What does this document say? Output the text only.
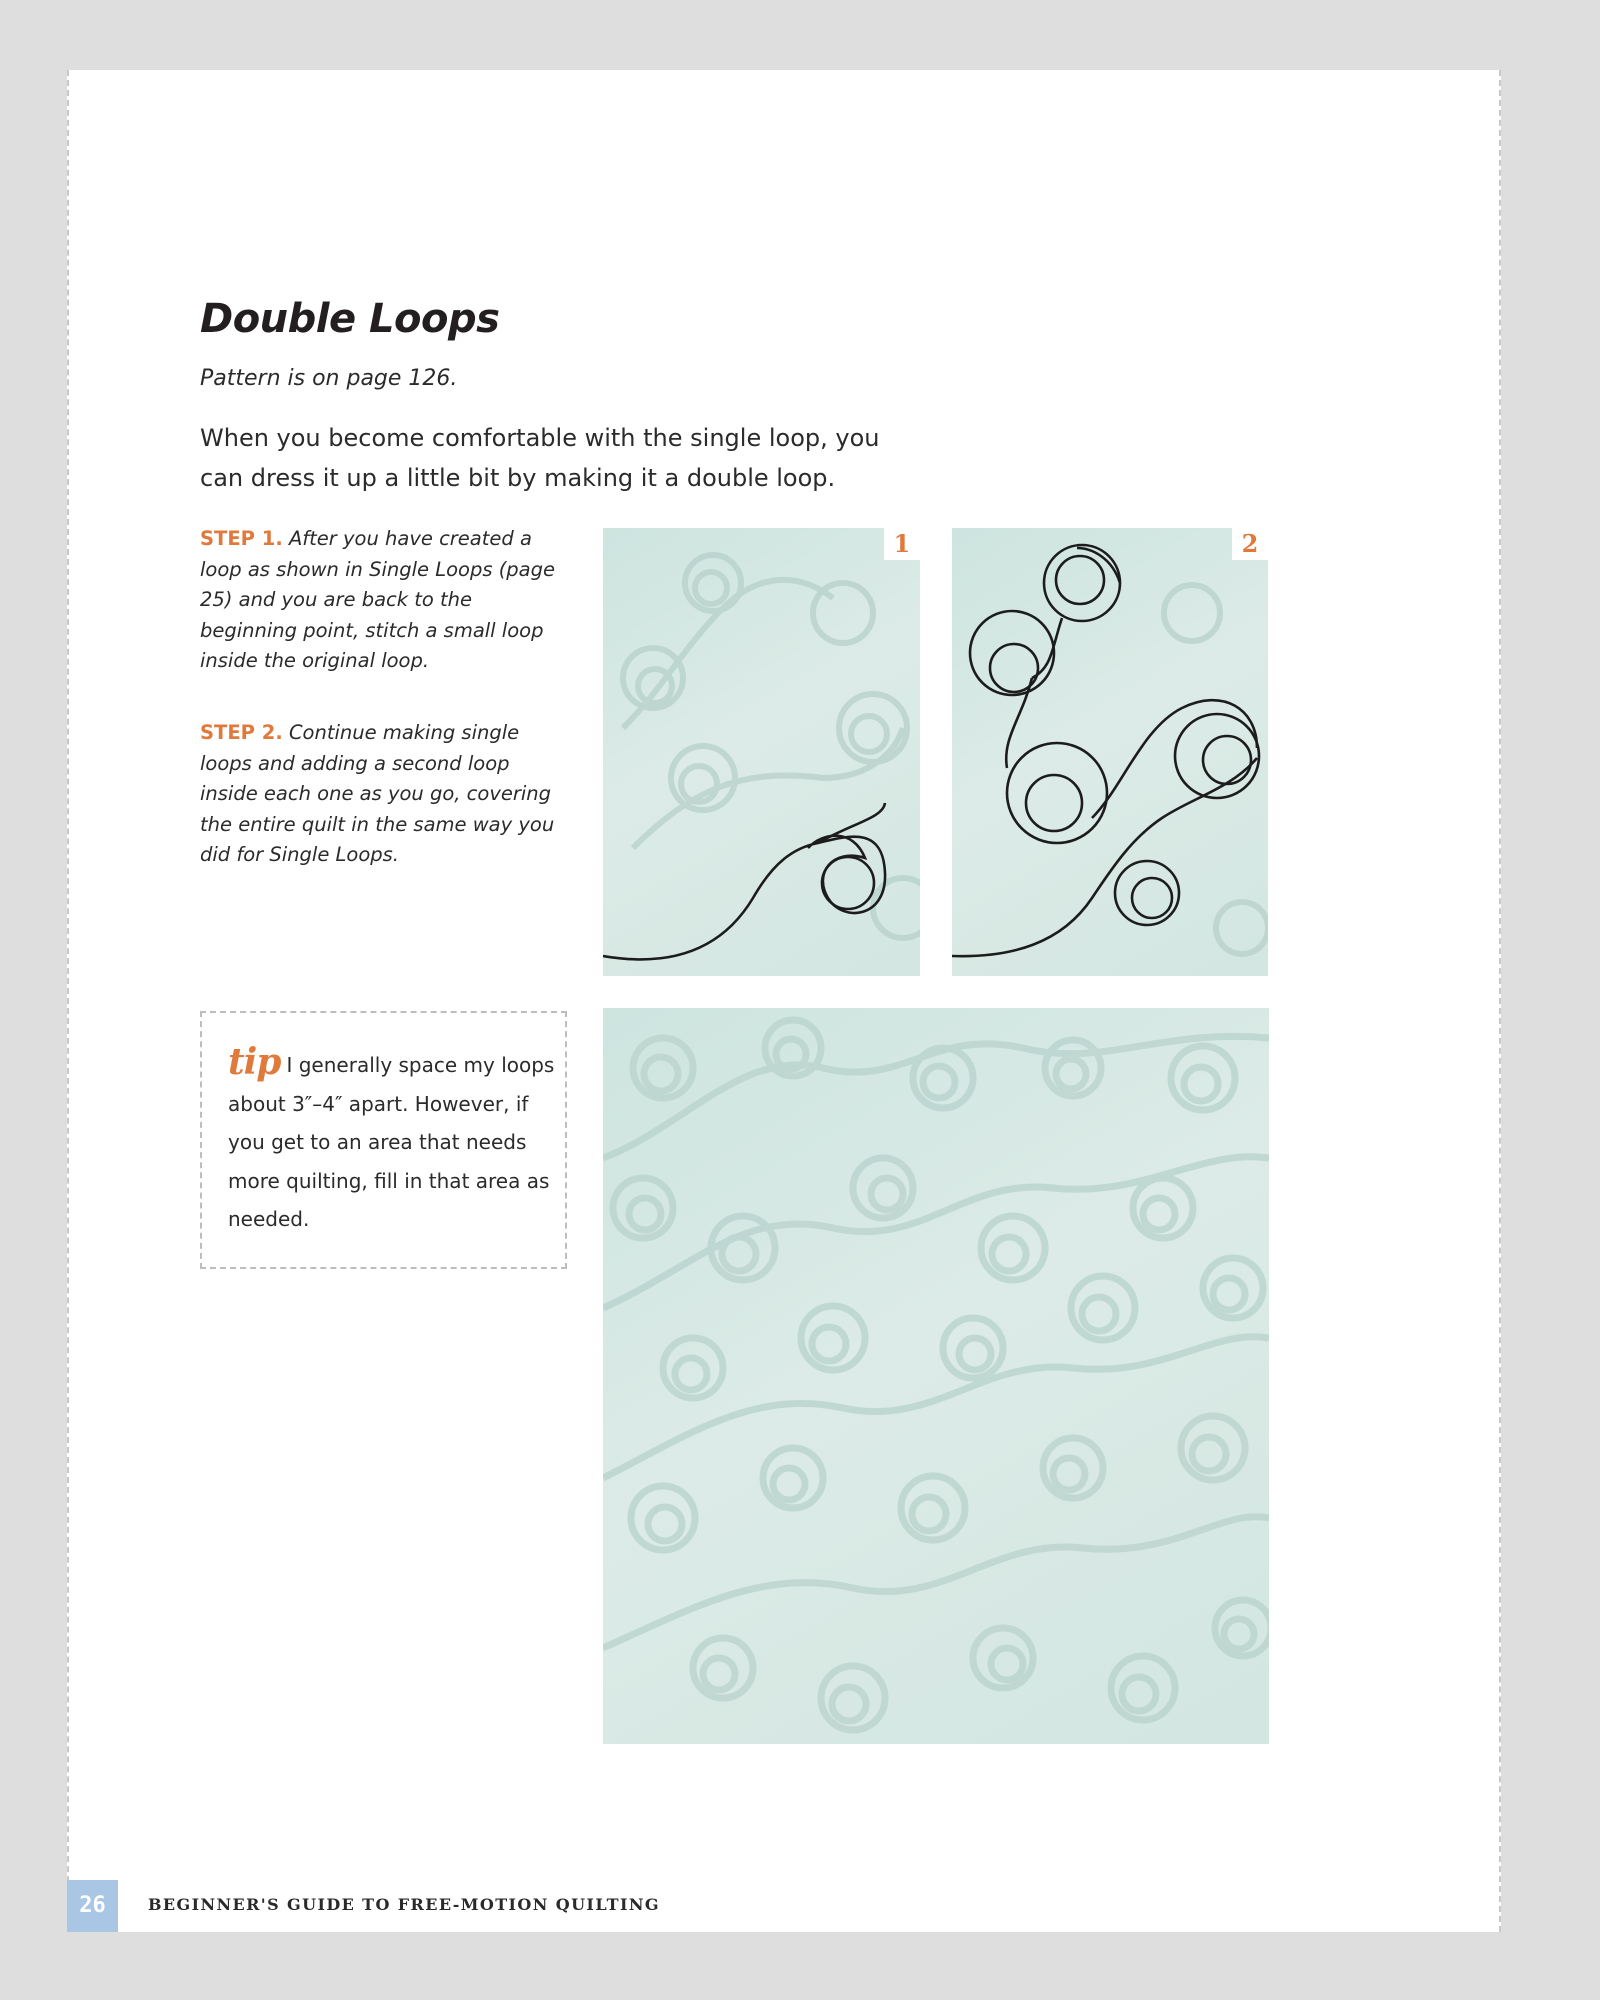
Double Loops

Pattern is on page 126.

When you become comfortable with the single loop, you can dress it up a little bit by making it a double loop.

STEP 1. After you have created a loop as shown in Single Loops (page 25) and you are back to the beginning point, stitch a small loop inside the original loop.

STEP 2. Continue making single loops and adding a second loop inside each one as you go, covering the entire quilt in the same way you did for Single Loops.

1	2

tip I generally space my loops about 3″–4″ apart. However, if you get to an area that needs more quilting, fill in that area as needed.

26	BEGINNER'S GUIDE TO FREE-MOTION QUILTING
